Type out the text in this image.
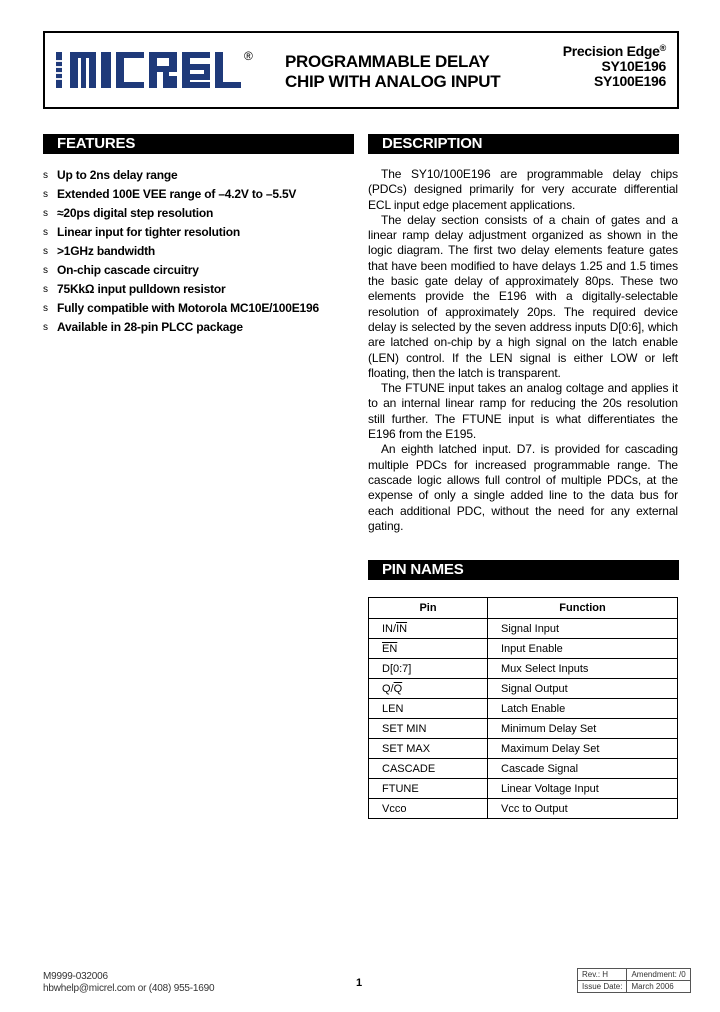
® PROGRAMMABLE DELAY
CHIP WITH ANALOG INPUT
Precision Edge®
SY10E196
SY100E196
FEATURES
s Up to 2ns delay range
s Extended 100E VEE range of –4.2V to –5.5V
s ≈20ps digital step resolution
s Linear input for tighter resolution
s >1GHz bandwidth
s On-chip cascade circuitry
s 75KkΩ input pulldown resistor
s Fully compatible with Motorola MC10E/100E196
s Available in 28-pin PLCC package
DESCRIPTION

The SY10/100E196 are programmable delay chips (PDCs) designed primarily for very accurate differential ECL input edge placement applications.

The delay section consists of a chain of gates and a linear ramp delay adjustment organized as shown in the logic diagram. The first two delay elements feature gates that have been modified to have delays 1.25 and 1.5 times the basic gate delay of approximately 80ps. These two elements provide the E196 with a digitally-selectable resolution of approximately 20ps. The required device delay is selected by the seven address inputs D[0:6], which are latched on-chip by a high signal on the latch enable (LEN) control. If the LEN signal is either LOW or left floating, then the latch is transparent.

The FTUNE input takes an analog coltage and applies it to an internal linear ramp for reducing the 20s resolution still further. The FTUNE input is what differentiates the E196 from the E195.

An eighth latched input. D7. is provided for cascading multiple PDCs for increased programmable range. The cascade logic allows full control of multiple PDCs, at the expense of only a single added line to the data bus for each additional PDC, without the need for any external gating.

PIN NAMES
Pin	Function
$IN/\overline{IN}$	Signal Input
$\overline{EN}$	Input Enable
D[0:7]	Mux Select Inputs
$Q/\overline{Q}$	Signal Output
LEN	Latch Enable
SET MIN	Minimum Delay Set
SET MAX	Maximum Delay Set
CASCADE	Cascade Signal
FTUNE	Linear Voltage Input
Vcco	Vcc to Output
M9999-032006
hbwhelp@micrel.com or (408) 955-1690	1
Rev.: H	Amendment: /0
Issue Date:	March 2006
